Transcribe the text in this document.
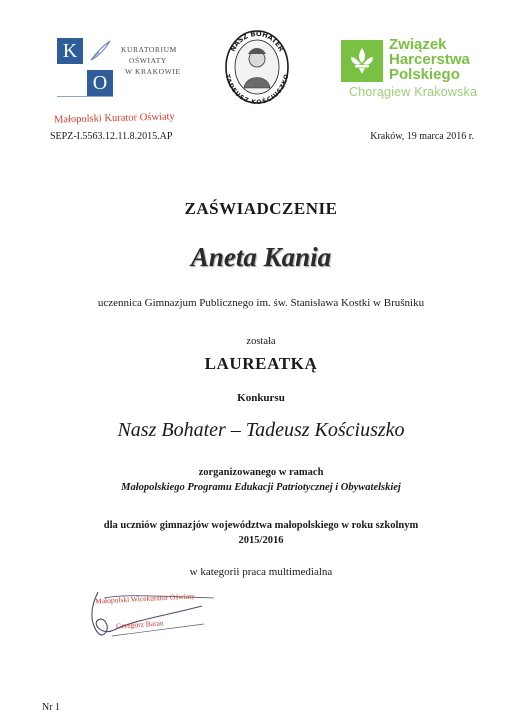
K
O
KURATORIUM
OŚWIATY
W KRAKOWIE
NASZ BOHATER
TADEUSZ KOŚCIUSZKO
Związek
Harcerstwa
Polskiego
Chorągiew Krakowska
Małopolski Kurator Oświaty
SEPZ-I.5563.12.11.8.2015.AP	Kraków, 19 marca 2016 r.
ZAŚWIADCZENIE
Aneta Kania
uczennica Gimnazjum Publicznego im. św. Stanisława Kostki w Brušniku
została
LAUREATKĄ
Konkursu
Nasz Bohater – Tadeusz Kościuszko
zorganizowanego w ramach
Małopolskiego Programu Edukacji Patriotycznej i Obywatelskiej
dla uczniów gimnazjów województwa małopolskiego w roku szkolnym
2015/2016
w kategorii praca multimedialna
Małopolski Wicekurator Oświaty
Grzegorz Baran
Nr 1
